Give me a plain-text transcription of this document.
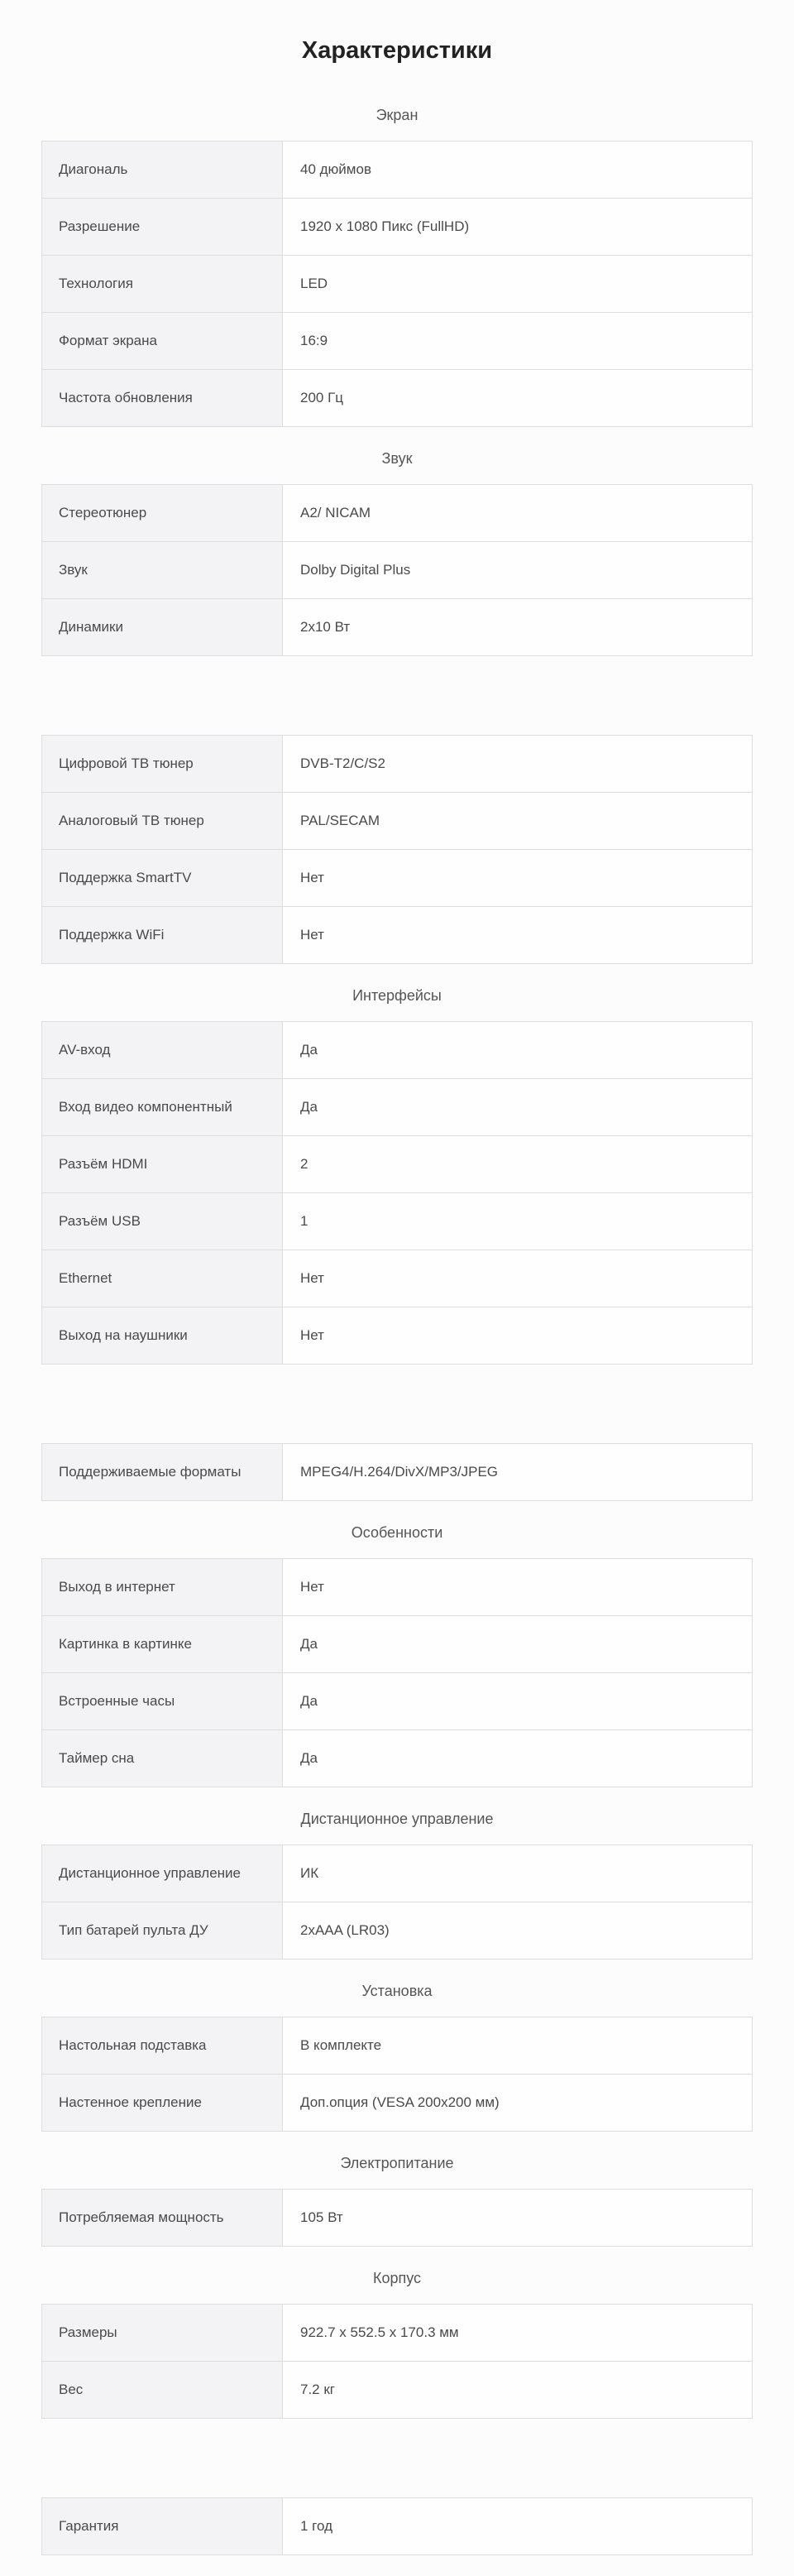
Характеристики
Экран
Диагональ	40 дюймов
Разрешение	1920 x 1080 Пикс (FullHD)
Технология	LED
Формат экрана	16:9
Частота обновления	200 Гц
Звук
Стереотюнер	A2/ NICAM
Звук	Dolby Digital Plus
Динамики	2x10 Вт
Цифровой ТВ тюнер	DVB-T2/C/S2
Аналоговый ТВ тюнер	PAL/SECAM
Поддержка SmartTV	Нет
Поддержка WiFi	Нет
Интерфейсы
AV-вход	Да
Вход видео компонентный	Да
Разъём HDMI	2
Разъём USB	1
Ethernet	Нет
Выход на наушники	Нет
Поддерживаемые форматы	MPEG4/H.264/DivX/MP3/JPEG
Особенности
Выход в интернет	Нет
Картинка в картинке	Да
Встроенные часы	Да
Таймер сна	Да
Дистанционное управление
Дистанционное управление	ИК
Тип батарей пульта ДУ	2xAAA (LR03)
Установка
Настольная подставка	В комплекте
Настенное крепление	Доп.опция (VESA 200x200 мм)
Электропитание
Потребляемая мощность	105 Вт
Корпус
Размеры	922.7 x 552.5 x 170.3 мм
Вес	7.2 кг
Гарантия	1 год
